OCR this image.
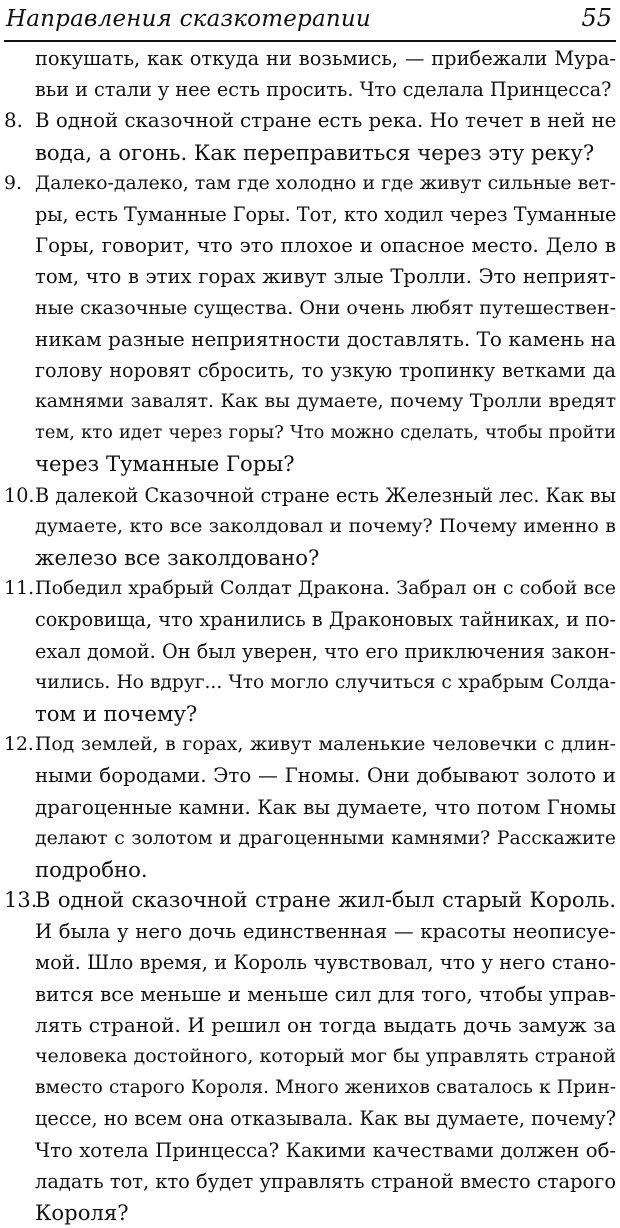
Направления сказкотерапии	55
покушать, как откуда ни возьмись, — прибежали Мура-
вьи и стали у нее есть просить. Что сделала Принцесса?
8. В одной сказочной стране есть река. Но течет в ней не
вода, а огонь. Как переправиться через эту реку?
9. Далеко-далеко, там где холодно и где живут сильные вет-
ры, есть Туманные Горы. Тот, кто ходил через Туманные
Горы, говорит, что это плохое и опасное место. Дело в
том, что в этих горах живут злые Тролли. Это неприят-
ные сказочные существа. Они очень любят путешествен-
никам разные неприятности доставлять. То камень на
голову норовят сбросить, то узкую тропинку ветками да
камнями завалят. Как вы думаете, почему Тролли вредят
тем, кто идет через горы? Что можно сделать, чтобы пройти
через Туманные Горы?
10.В далекой Сказочной стране есть Железный лес. Как вы
думаете, кто все заколдовал и почему? Почему именно в
железо все заколдовано?
11.Победил храбрый Солдат Дракона. Забрал он с собой все
сокровища, что хранились в Драконовых тайниках, и по-
ехал домой. Он был уверен, что его приключения закон-
чились. Но вдруг... Что могло случиться с храбрым Солда-
том и почему?
12.Под землей, в горах, живут маленькие человечки с длин-
ными бородами. Это — Гномы. Они добывают золото и
драгоценные камни. Как вы думаете, что потом Гномы
делают с золотом и драгоценными камнями? Расскажите
подробно.
13.В одной сказочной стране жил-был старый Король.
И была у него дочь единственная — красоты неописуе-
мой. Шло время, и Король чувствовал, что у него стано-
вится все меньше и меньше сил для того, чтобы управ-
лять страной. И решил он тогда выдать дочь замуж за
человека достойного, который мог бы управлять страной
вместо старого Короля. Много женихов сваталось к Прин-
цессе, но всем она отказывала. Как вы думаете, почему?
Что хотела Принцесса? Какими качествами должен об-
ладать тот, кто будет управлять страной вместо старого
Короля?
